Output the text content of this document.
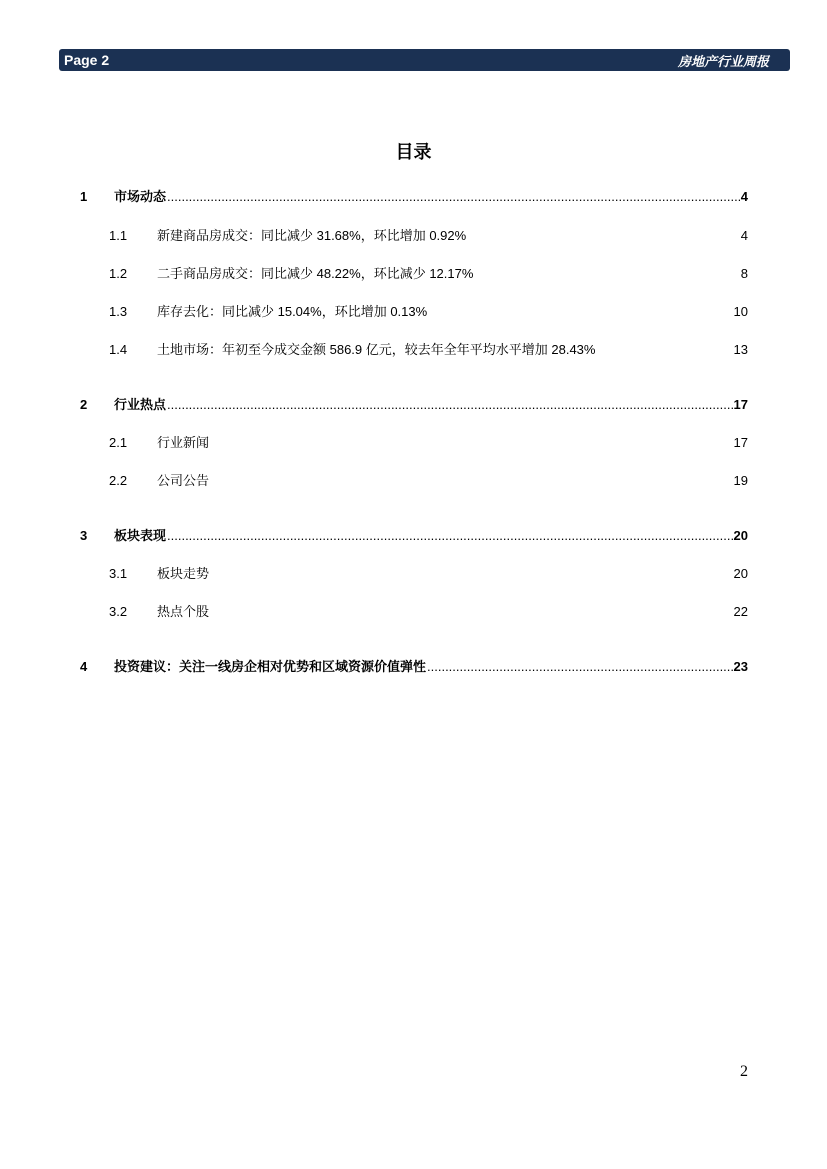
Page 2	房地产行业周报
目录
1 市场动态 .....	4
1.1 新建商品房成交：同比减少 31.68%，环比增加 0.92%	4
1.2 二手商品房成交：同比减少 48.22%，环比减少 12.17%	8
1.3 库存去化：同比减少 15.04%，环比增加 0.13%	10
1.4 土地市场：年初至今成交金额 586.9 亿元，较去年全年平均水平增加 28.43%	13
2 行业热点 .....	17
2.1 行业新闻	17
2.2 公司公告	19
3 板块表现 .....	20
3.1 板块走势	20
3.2 热点个股	22
4 投资建议：关注一线房企相对优势和区域资源价值弹性 .....	23
2
